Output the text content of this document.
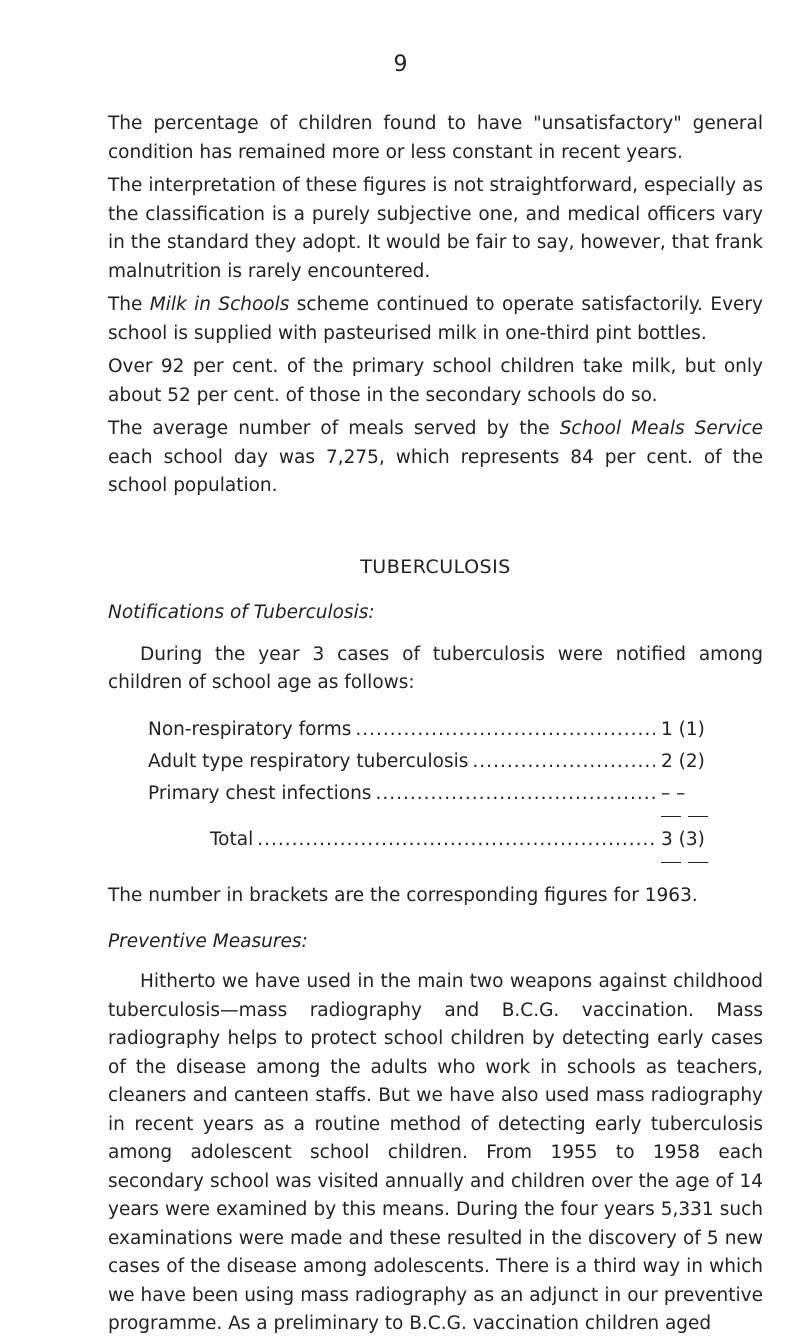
9

The percentage of children found to have "unsatisfactory" general condition has remained more or less constant in recent years.

The interpretation of these figures is not straightforward, especially as the classification is a purely subjective one, and medical officers vary in the standard they adopt. It would be fair to say, however, that frank malnutrition is rarely encountered.

The Milk in Schools scheme continued to operate satisfactorily. Every school is supplied with pasteurised milk in one-third pint bottles.

Over 92 per cent. of the primary school children take milk, but only about 52 per cent. of those in the secondary schools do so.

The average number of meals served by the School Meals Service each school day was 7,275, which represents 84 per cent. of the school population.

TUBERCULOSIS
Notifications of Tuberculosis:

During the year 3 cases of tuberculosis were notified among children of school age as follows:

Non-respiratory forms .....	1 (1)
Adult type respiratory tuberculosis .....	2 (2)
Primary chest infections .....	– –
Total .....	3 (3)

The number in brackets are the corresponding figures for 1963.

Preventive Measures:

Hitherto we have used in the main two weapons against childhood tuberculosis—mass radiography and B.C.G. vaccination. Mass radiography helps to protect school children by detecting early cases of the disease among the adults who work in schools as teachers, cleaners and canteen staffs. But we have also used mass radiography in recent years as a routine method of detecting early tuberculosis among adolescent school children. From 1955 to 1958 each secondary school was visited annually and children over the age of 14 years were examined by this means. During the four years 5,331 such examinations were made and these resulted in the discovery of 5 new cases of the disease among adolescents. There is a third way in which we have been using mass radiography as an adjunct in our preventive programme. As a preliminary to B.C.G. vaccination children aged
